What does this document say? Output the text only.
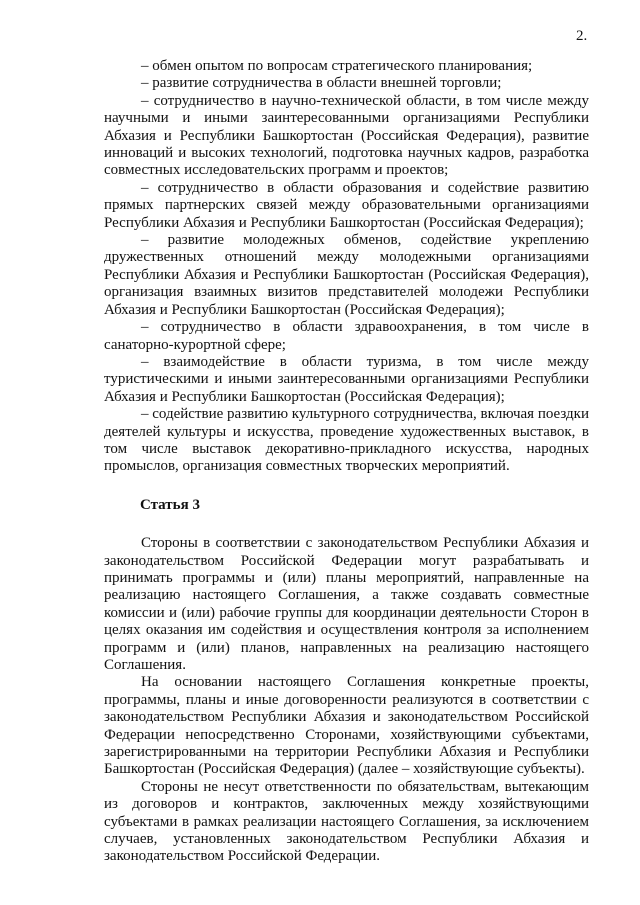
2.

– обмен опытом по вопросам стратегического планирования;

– развитие сотрудничества в области внешней торговли;

– сотрудничество в научно-технической области, в том числе между научными и иными заинтересованными организациями Республики Абхазия и Республики Башкортостан (Российская Федерация), развитие инноваций и высоких технологий, подготовка научных кадров, разработка совместных исследовательских программ и проектов;

– сотрудничество в области образования и содействие развитию прямых партнерских связей между образовательными организациями Республики Абхазия и Республики Башкортостан (Российская Федерация);

– развитие молодежных обменов, содействие укреплению дружественных отношений между молодежными организациями Республики Абхазия и Республики Башкортостан (Российская Федерация), организация взаимных визитов представителей молодежи Республики Абхазия и Республики Башкортостан (Российская Федерация);

– сотрудничество в области здравоохранения, в том числе в санаторно-курортной сфере;

– взаимодействие в области туризма, в том числе между туристическими и иными заинтересованными организациями Республики Абхазия и Республики Башкортостан (Российская Федерация);

– содействие развитию культурного сотрудничества, включая поездки деятелей культуры и искусства, проведение художественных выставок, в том числе выставок декоративно-прикладного искусства, народных промыслов, организация совместных творческих мероприятий.

Статья 3

Стороны в соответствии с законодательством Республики Абхазия и законодательством Российской Федерации могут разрабатывать и принимать программы и (или) планы мероприятий, направленные на реализацию настоящего Соглашения, а также создавать совместные комиссии и (или) рабочие группы для координации деятельности Сторон в целях оказания им содействия и осуществления контроля за исполнением программ и (или) планов, направленных на реализацию настоящего Соглашения.

На основании настоящего Соглашения конкретные проекты, программы, планы и иные договоренности реализуются в соответствии с законодательством Республики Абхазия и законодательством Российской Федерации непосредственно Сторонами, хозяйствующими субъектами, зарегистрированными на территории Республики Абхазия и Республики Башкортостан (Российская Федерация) (далее – хозяйствующие субъекты).

Стороны не несут ответственности по обязательствам, вытекающим из договоров и контрактов, заключенных между хозяйствующими субъектами в рамках реализации настоящего Соглашения, за исключением случаев, установленных законодательством Республики Абхазия и законодательством Российской Федерации.
